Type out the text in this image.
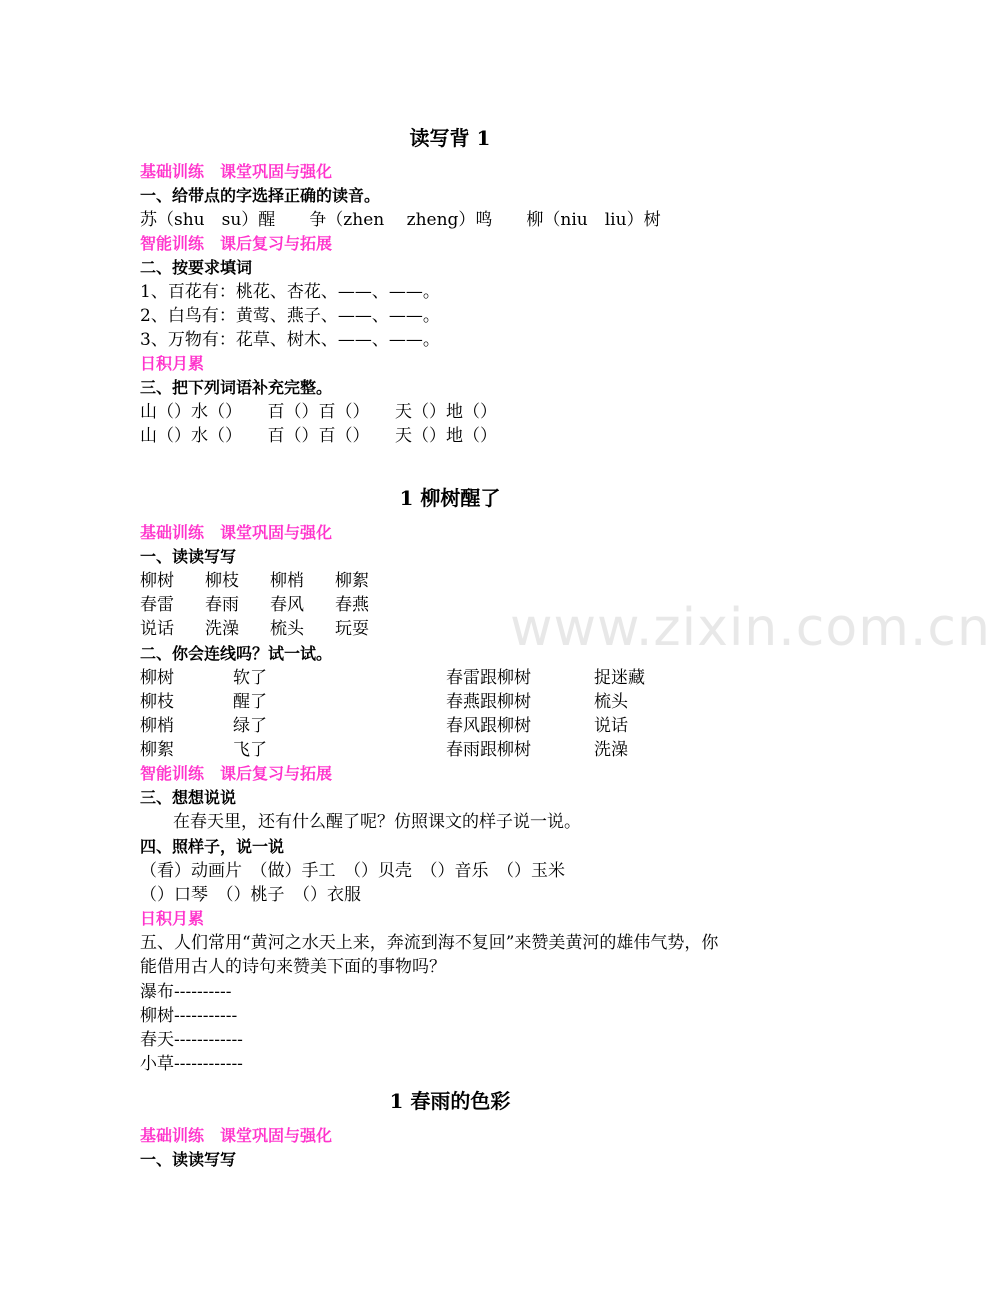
www.zixin.com.cn
读写背 1
基础训练　课堂巩固与强化
一、给带点的字选择正确的读音。
苏（shu　su）醒　　争（zhen　 zheng）鸣　　柳（niu　liu）树
智能训练　课后复习与拓展
二、按要求填词
1、百花有：桃花、杏花、——、——。
2、白鸟有：黄莺、燕子、——、——。
3、万物有：花草、树木、——、——。
日积月累
三、把下列词语补充完整。
山（）水（）　　百（）百（）　　天（）地（）
山（）水（）　　百（）百（）　　天（）地（）
1 柳树醒了
基础训练　课堂巩固与强化
一、读读写写
柳树 柳枝 柳梢 柳絮
春雷 春雨 春风 春燕
说话 洗澡 梳头 玩耍
二、你会连线吗？试一试。
柳树	软了	春雷跟柳树	捉迷藏
柳枝	醒了	春燕跟柳树	梳头
柳梢	绿了	春风跟柳树	说话
柳絮	飞了	春雨跟柳树	洗澡
智能训练　课后复习与拓展
三、想想说说
在春天里，还有什么醒了呢？仿照课文的样子说一说。
四、照样子，说一说
（看）动画片　（做）手工　（）贝壳　（）音乐　（）玉米
（）口琴　（）桃子　（）衣服
日积月累
五、人们常用“黄河之水天上来，奔流到海不复回”来赞美黄河的雄伟气势，你
能借用古人的诗句来赞美下面的事物吗？
瀑布----------
柳树-----------
春天------------
小草------------
1 春雨的色彩
基础训练　课堂巩固与强化
一、读读写写
